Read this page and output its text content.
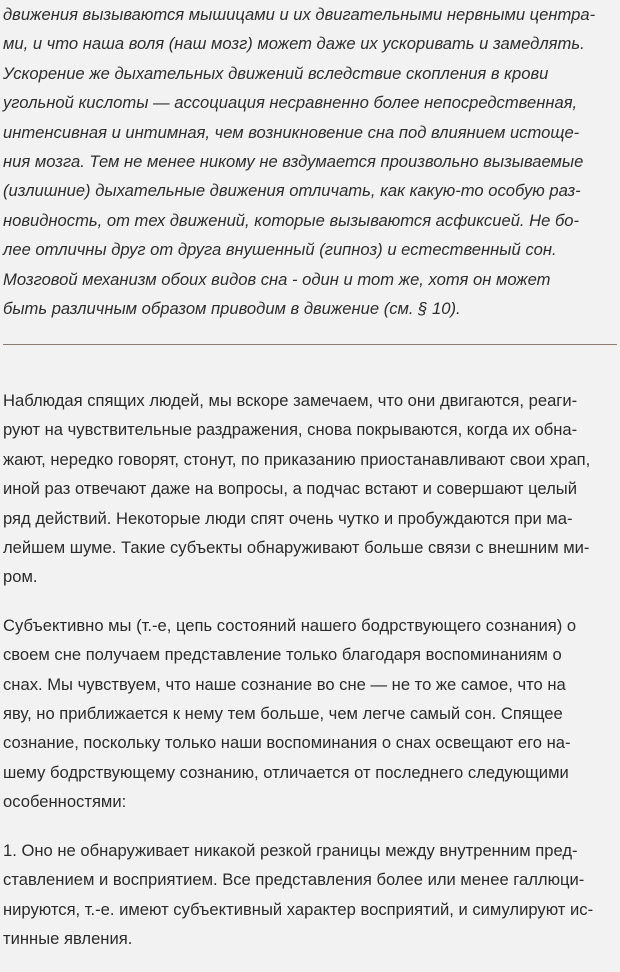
движения вызываются мышицами и их двигательными нервными центра-
ми, и что наша воля (наш мозг) может даже их ускоривать и замедлять.
Ускорение же дыхательных движений вследствие скопления в крови
угольной кислоты — ассоциация несравненно более непосредственная,
интенсивная и интимная, чем возникновение сна под влиянием истоще-
ния мозга. Тем не менее никому не вздумается произвольно вызываемые
(излишние) дыхательные движения отличать, как какую-то особую раз-
новидность, от тех движений, которые вызываются асфиксией. Не бо-
лее отличны друг от друга внушенный (гипноз) и естественный сон.
Мозговой механизм обоих видов сна - один и тот же, хотя он может
быть различным образом приводим в движение (см. § 10).

Наблюдая спящих людей, мы вскоре замечаем, что они двигаются, реаги-
руют на чувствительные раздражения, снова покрываются, когда их обна-
жают, нередко говорят, стонут, по приказанию приостанавливают свои храп,
иной раз отвечают даже на вопросы, а подчас встают и совершают целый
ряд действий. Некоторые люди спят очень чутко и пробуждаются при ма-
лейшем шуме. Такие субъекты обнаруживают больше связи с внешним ми-
ром.

Субъективно мы (т.-е, цепь состояний нашего бодрствующего сознания) о
своем сне получаем представление только благодаря воспоминаниям о
снах. Мы чувствуем, что наше сознание во сне — не то же самое, что на
яву, но приближается к нему тем больше, чем легче самый сон. Спящее
сознание, поскольку только наши воспоминания о снах освещают его на-
шему бодрствующему сознанию, отличается от последнего следующими
особенностями:

1. Оно не обнаруживает никакой резкой границы между внутренним пред-
ставлением и восприятием. Все представления более или менее галлюци-
нируются, т.-е. имеют субъективный характер восприятий, и симулируют ис-
тинные явления.
